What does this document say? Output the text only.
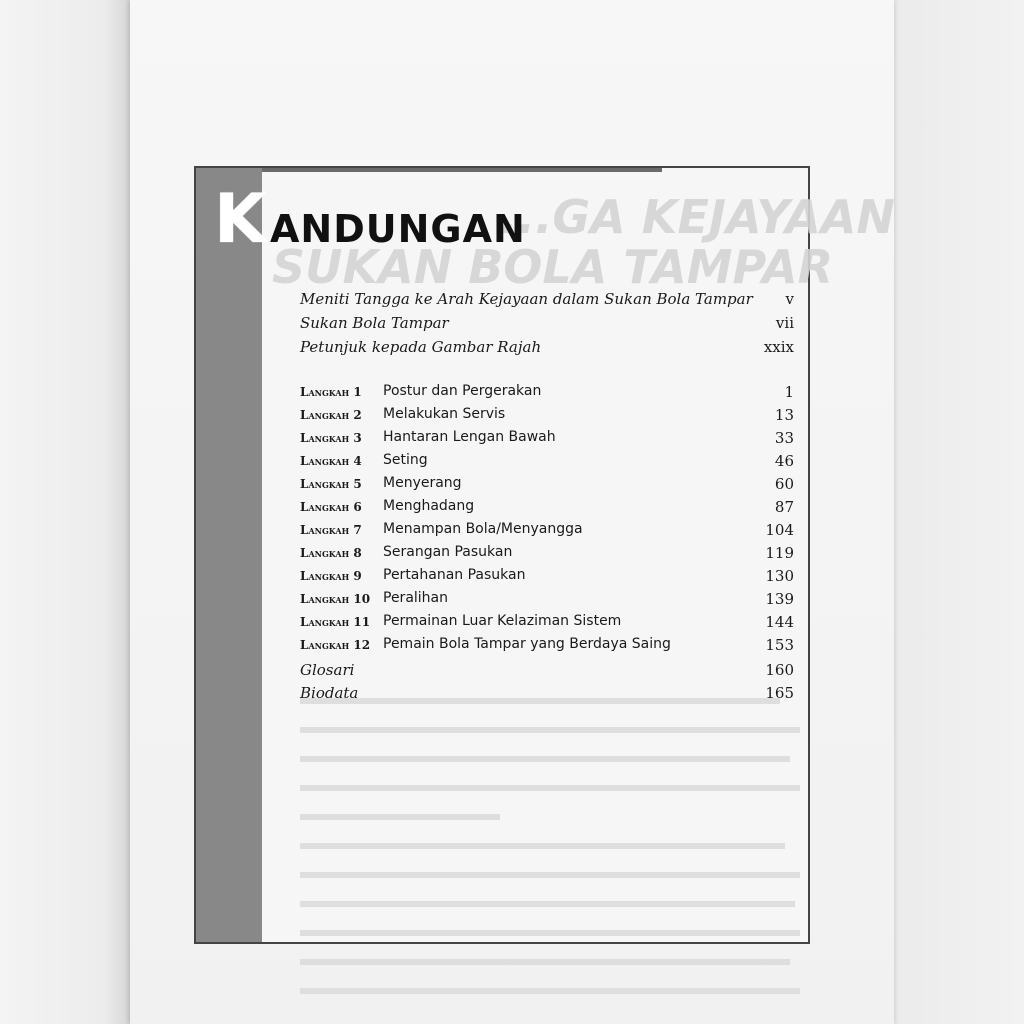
...GA KEJAYAAN
SUKAN BOLA TAMPAR
K ANDUNGAN
Meniti Tangga ke Arah Kejayaan dalam Sukan Bola Tampar v
Sukan Bola Tampar	vii
Petunjuk kepada Gambar Rajah	xxix
Langkah 1 Postur dan Pergerakan	1
Langkah 2 Melakukan Servis	13
Langkah 3 Hantaran Lengan Bawah	33
Langkah 4 Seting	46
Langkah 5 Menyerang	60
Langkah 6 Menghadang	87
Langkah 7 Menampan Bola/Menyangga	104
Langkah 8 Serangan Pasukan	119
Langkah 9 Pertahanan Pasukan	130
Langkah 10 Peralihan	139
Langkah 11 Permainan Luar Kelaziman Sistem	144
Langkah 12 Pemain Bola Tampar yang Berdaya Saing	153
Glosari	160
Biodata	165
